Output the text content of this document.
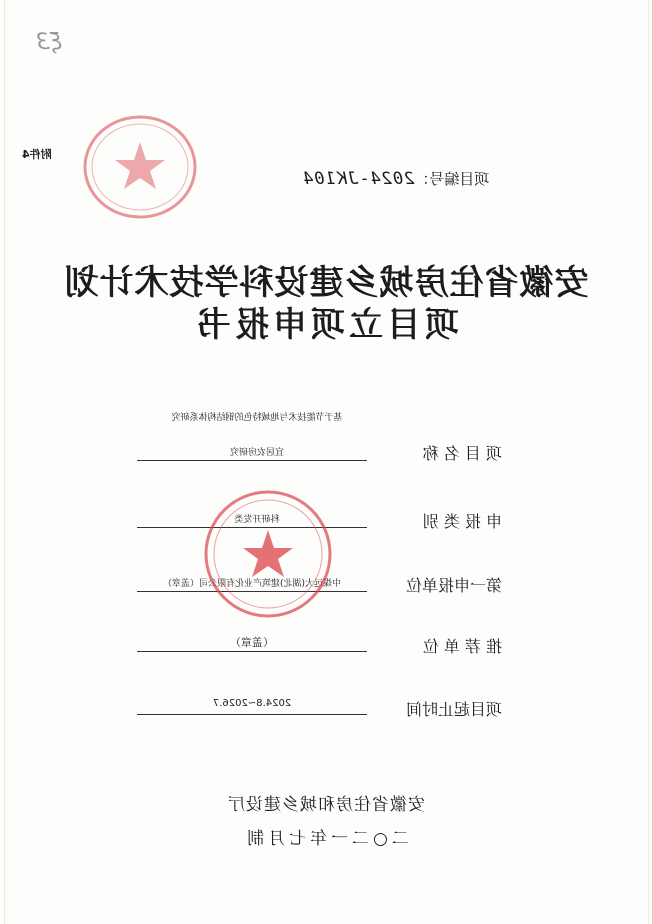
ξ3
附件4
项目编号：2024-JK104
安徽省住房城乡建设科学技术计划
项目立项申报书
项 目 名 称
基于节能技术与地域特色的钢结构体系研究
宜居农房研究
申 报 类 别
科研开发类
第一申报单位
中煤远大(湖北)建筑产业化有限公司（盖章）
推 荐 单 位
（盖章）
项目起止时间
2024.8~2026.7
安徽省住房和城乡建设厅
二○二一年七月制
